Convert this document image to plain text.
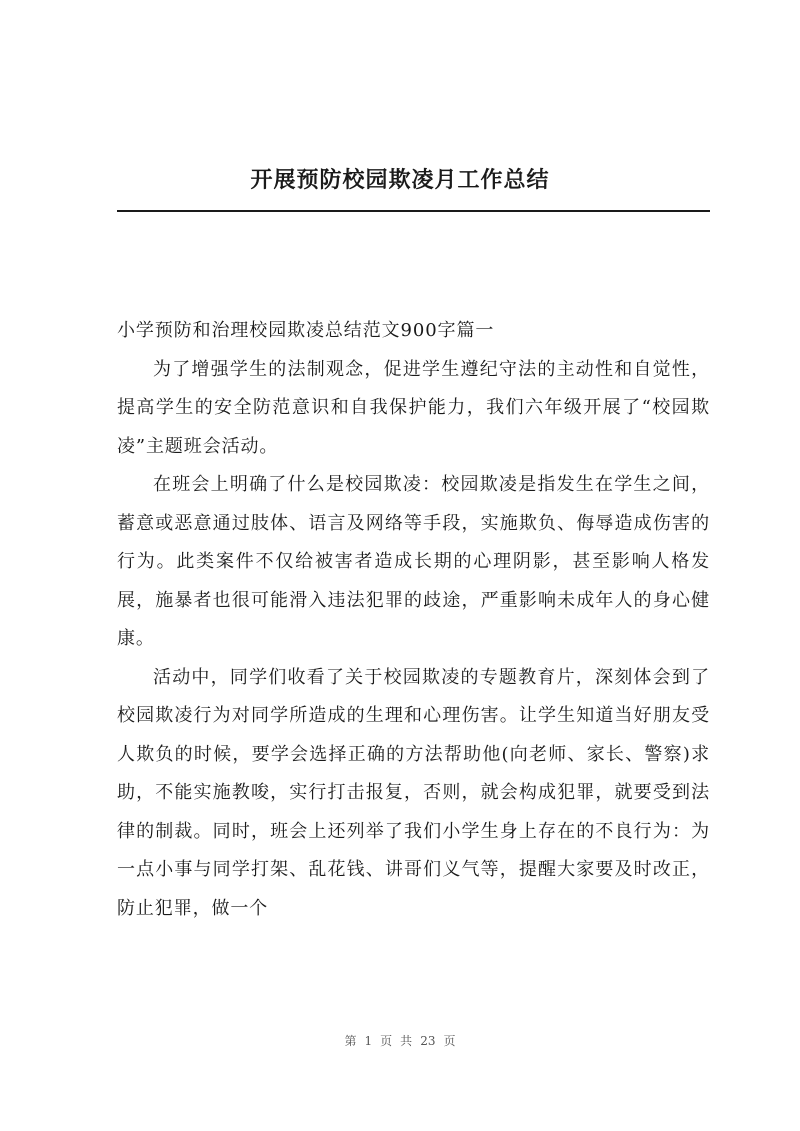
开展预防校园欺凌月工作总结

小学预防和治理校园欺凌总结范文900字篇一

为了增强学生的法制观念，促进学生遵纪守法的主动性和自觉性，提高学生的安全防范意识和自我保护能力，我们六年级开展了“校园欺凌”主题班会活动。

在班会上明确了什么是校园欺凌：校园欺凌是指发生在学生之间，蓄意或恶意通过肢体、语言及网络等手段，实施欺负、侮辱造成伤害的行为。此类案件不仅给被害者造成长期的心理阴影，甚至影响人格发展，施暴者也很可能滑入违法犯罪的歧途，严重影响未成年人的身心健康。

活动中，同学们收看了关于校园欺凌的专题教育片，深刻体会到了校园欺凌行为对同学所造成的生理和心理伤害。让学生知道当好朋友受人欺负的时候，要学会选择正确的方法帮助他(向老师、家长、警察)求助，不能实施教唆，实行打击报复，否则，就会构成犯罪，就要受到法律的制裁。同时，班会上还列举了我们小学生身上存在的不良行为：为一点小事与同学打架、乱花钱、讲哥们义气等，提醒大家要及时改正，防止犯罪，做一个

第 1 页 共 23 页
